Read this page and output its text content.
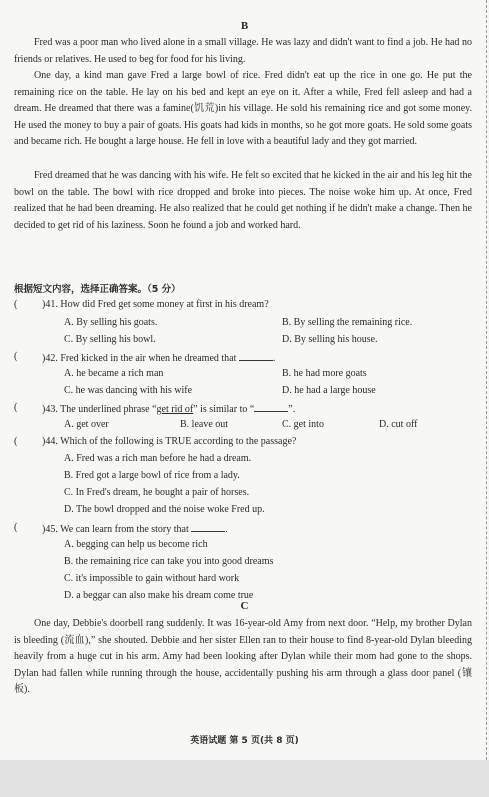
B

Fred was a poor man who lived alone in a small village. He was lazy and didn't want to find a job. He had no friends or relatives. He used to beg for food for his living.

One day, a kind man gave Fred a large bowl of rice. Fred didn't eat up the rice in one go. He put the remaining rice on the table. He lay on his bed and kept an eye on it. After a while, Fred fell asleep and had a dream. He dreamed that there was a famine(饥荒)in his village. He sold his remaining rice and got some money. He used the money to buy a pair of goats. His goats had kids in months, so he got more goats. He sold some goats and became rich. He bought a large house. He fell in love with a beautiful lady and they got married.

Fred dreamed that he was dancing with his wife. He felt so excited that he kicked in the air and his leg hit the bowl on the table. The bowl with rice dropped and broke into pieces. The noise woke him up. At once, Fred realized that he had been dreaming. He also realized that he could get nothing if he didn't make a change. Then he decided to get rid of his laziness. Soon he found a job and worked hard.

根据短文内容，选择正确答案。（5 分）
( )41. How did Fred get some money at first in his dream?
A. By selling his goats.	B. By selling the remaining rice.
C. By selling his bowl.	D. By selling his house.
( )42. Fred kicked in the air when he dreamed that	.
A. he became a rich man	B. he had more goats
C. he was dancing with his wife	D. he had a large house
( )43. The underlined phrase “get rid of” is similar to “	”.
A. get over	B. leave out	C. get into	D. cut off
( )44. Which of the following is TRUE according to the passage?
A. Fred was a rich man before he had a dream.
B. Fred got a large bowl of rice from a lady.
C. In Fred's dream, he bought a pair of horses.
D. The bowl dropped and the noise woke Fred up.
( )45. We can learn from the story that	.
A. begging can help us become rich
B. the remaining rice can take you into good dreams
C. it's impossible to gain without hard work
D. a beggar can also make his dream come true
C

One day, Debbie's doorbell rang suddenly. It was 16-year-old Amy from next door. “Help, my brother Dylan is bleeding (流血),” she shouted. Debbie and her sister Ellen ran to their house to find 8-year-old Dylan bleeding heavily from a huge cut in his arm. Amy had been looking after Dylan while their mom had gone to the shops. Dylan had fallen while running through the house, accidentally pushing his arm through a glass door panel (镶板).

英语试题 第 5 页(共 8 页)
